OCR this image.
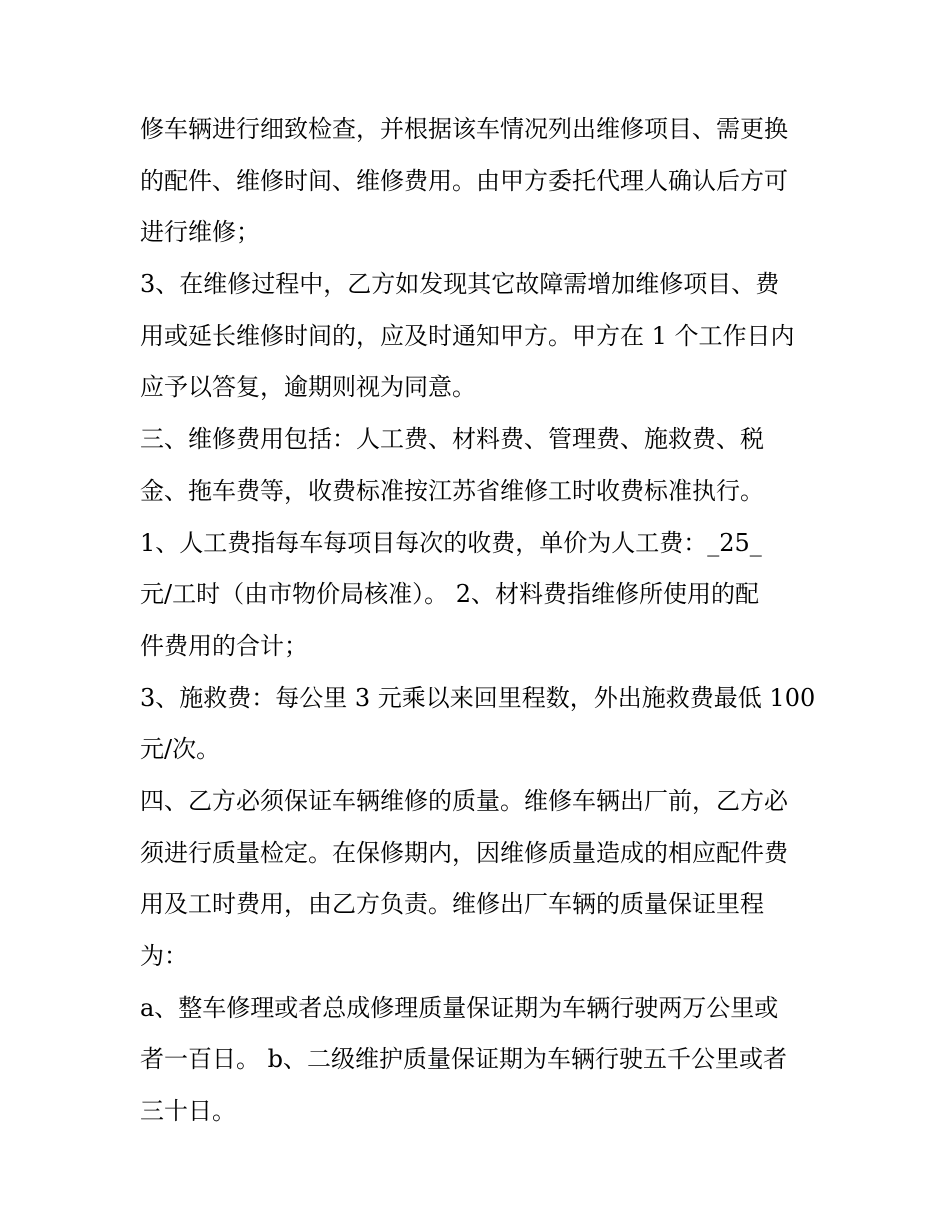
修车辆进行细致检查，并根据该车情况列出维修项目、需更换

的配件、维修时间、维修费用。由甲方委托代理人确认后方可

进行维修；

3、在维修过程中，乙方如发现其它故障需增加维修项目、费

用或延长维修时间的，应及时通知甲方。甲方在 1 个工作日内

应予以答复，逾期则视为同意。

三、维修费用包括：人工费、材料费、管理费、施救费、税

金、拖车费等，收费标准按江苏省维修工时收费标准执行。

1、人工费指每车每项目每次的收费，单价为人工费：_25_

元/工时（由市物价局核准）。 2、材料费指维修所使用的配

件费用的合计；

3、施救费：每公里 3 元乘以来回里程数，外出施救费最低 100

元/次。

四、乙方必须保证车辆维修的质量。维修车辆出厂前，乙方必

须进行质量检定。在保修期内，因维修质量造成的相应配件费

用及工时费用，由乙方负责。维修出厂车辆的质量保证里程

为：

a、整车修理或者总成修理质量保证期为车辆行驶两万公里或

者一百日。 b、二级维护质量保证期为车辆行驶五千公里或者

三十日。
